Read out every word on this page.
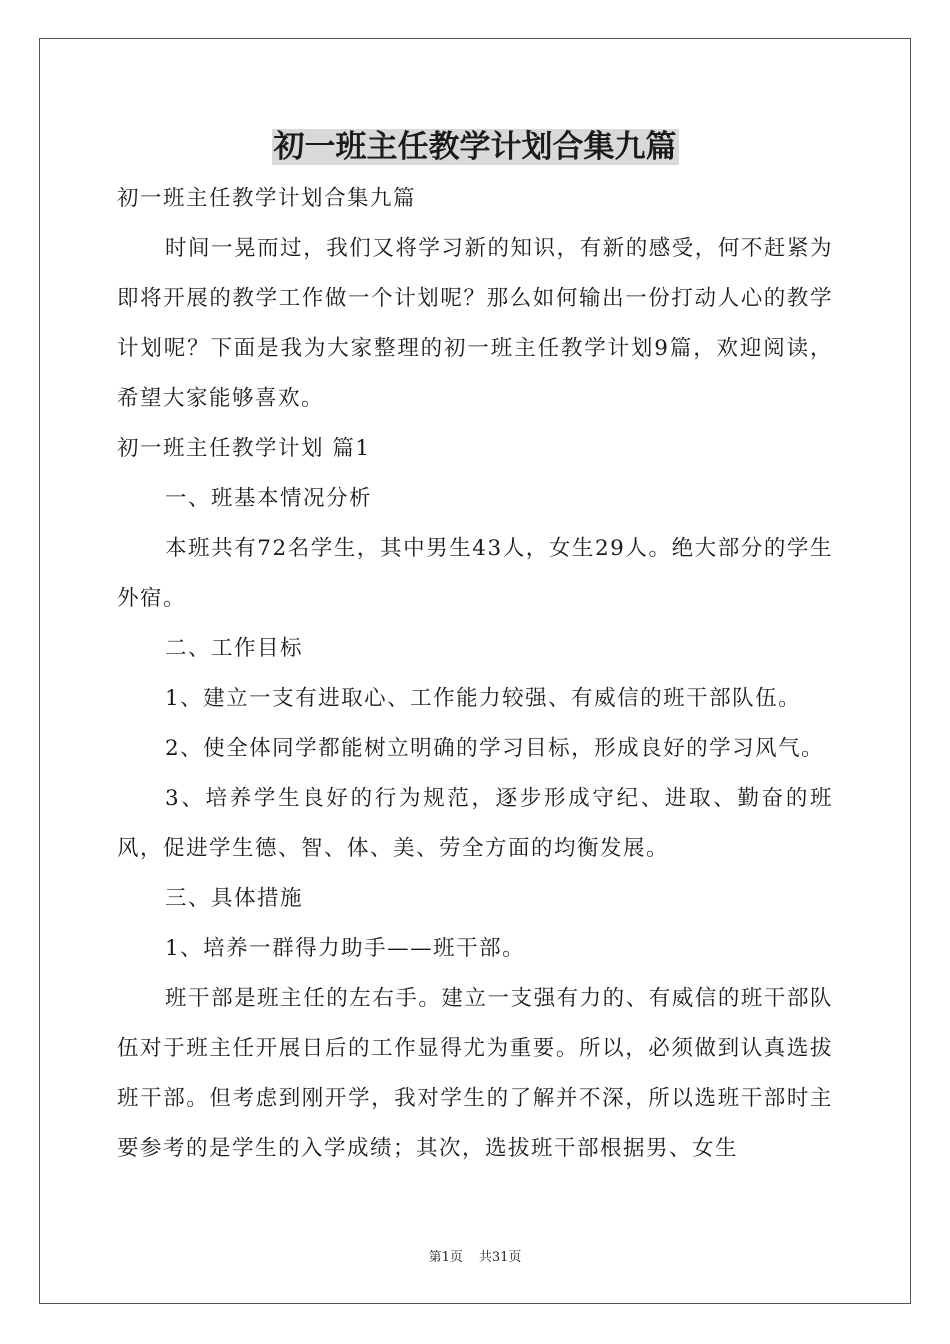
初一班主任教学计划合集九篇

初一班主任教学计划合集九篇

时间一晃而过，我们又将学习新的知识，有新的感受，何不赶紧为即将开展的教学工作做一个计划呢？那么如何输出一份打动人心的教学计划呢？下面是我为大家整理的初一班主任教学计划9篇，欢迎阅读，希望大家能够喜欢。

初一班主任教学计划 篇1

一、班基本情况分析

本班共有72名学生，其中男生43人，女生29人。绝大部分的学生外宿。

二、工作目标

1、建立一支有进取心、工作能力较强、有威信的班干部队伍。

2、使全体同学都能树立明确的学习目标，形成良好的学习风气。

3、培养学生良好的行为规范，逐步形成守纪、进取、勤奋的班风，促进学生德、智、体、美、劳全方面的均衡发展。

三、具体措施

1、培养一群得力助手——班干部。

班干部是班主任的左右手。建立一支强有力的、有威信的班干部队伍对于班主任开展日后的工作显得尤为重要。所以，必须做到认真选拔班干部。但考虑到刚开学，我对学生的了解并不深，所以选班干部时主要参考的是学生的入学成绩；其次，选拔班干部根据男、女生

第1页 共31页
